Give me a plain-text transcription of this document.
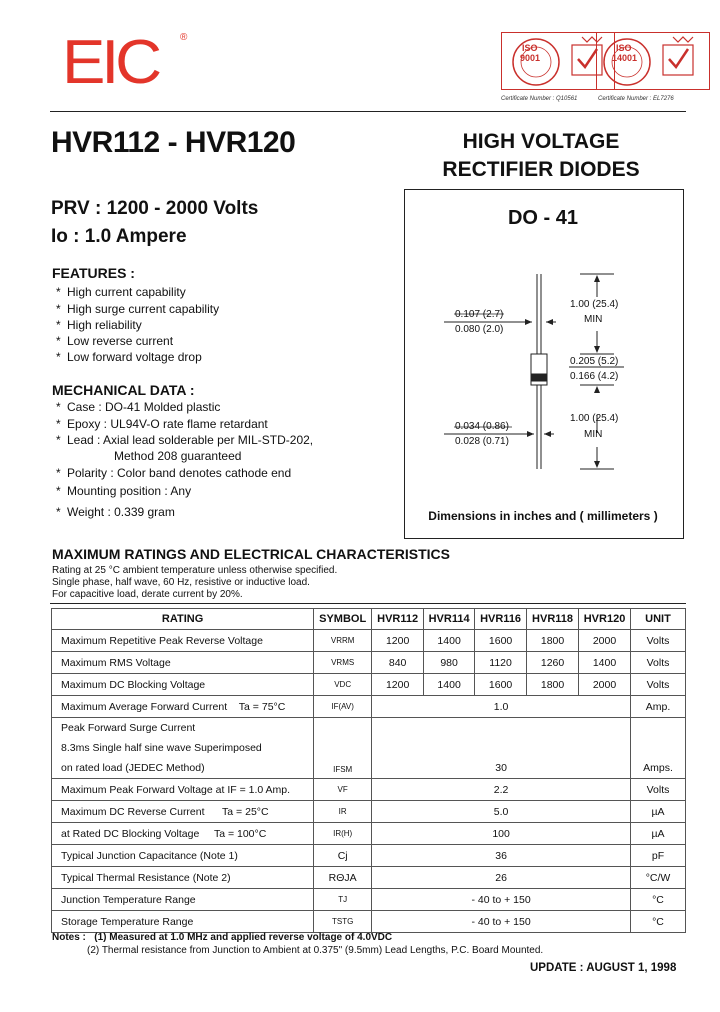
EIC ®
ISO
9001
Certificate Number : Q10561
ISO
14001
Certificate Number : EL7276
HVR112 - HVR120	HIGH VOLTAGE
RECTIFIER DIODES
PRV : 1200 - 2000 Volts
Io : 1.0 Ampere
FEATURES :
* High current capability
* High surge current capability
* High reliability
* Low reverse current
* Low forward voltage drop
MECHANICAL DATA :
* Case : DO-41 Molded plastic
* Epoxy : UL94V-O rate flame retardant
* Lead : Axial lead solderable per MIL-STD-202,
Method 208 guaranteed
* Polarity : Color band denotes cathode end
* Mounting position : Any
* Weight : 0.339 gram
DO - 41
0.107 (2.7)
0.080 (2.0)
1.00 (25.4)
MIN
0.205 (5.2)
0.166 (4.2)
0.034 (0.86)
0.028 (0.71)
1.00 (25.4)
MIN
Dimensions in inches and ( millimeters )
MAXIMUM RATINGS AND ELECTRICAL CHARACTERISTICS
Rating at 25 °C ambient temperature unless otherwise specified.
Single phase, half wave, 60 Hz, resistive or inductive load.
For capacitive load, derate current by 20%.
RATING	SYMBOL	HVR112	HVR114	HVR116	HVR118	HVR120	UNIT
Maximum Repetitive Peak Reverse Voltage	VRRM	1200	1400	1600	1800	2000	Volts
Maximum RMS Voltage	VRMS	840	980	1120	1260	1400	Volts
Maximum DC Blocking Voltage	VDC	1200	1400	1600	1800	2000	Volts
Maximum Average Forward Current Ta = 75°C	IF(AV)	1.0					Amp.

Peak Forward Surge Current
8.3ms Single half sine wave Superimposed
on rated load (JEDEC Method)	IFSM	30					Amps.
Maximum Peak Forward Voltage at IF = 1.0 Amp.	VF	2.2					Volts
Maximum DC Reverse Current Ta = 25°C	IR	5.0					µA
at Rated DC Blocking Voltage Ta = 100°C	IR(H)	100					µA
Typical Junction Capacitance (Note 1)	Cj	36					pF
Typical Thermal Resistance (Note 2)	RΘJA	26					°C/W
Junction Temperature Range	TJ	- 40 to + 150					°C
Storage Temperature Range	TSTG	- 40 to + 150					°C
Notes : (1) Measured at 1.0 MHz and applied reverse voltage of 4.0VDC
(2) Thermal resistance from Junction to Ambient at 0.375" (9.5mm) Lead Lengths, P.C. Board Mounted.
UPDATE : AUGUST 1, 1998
